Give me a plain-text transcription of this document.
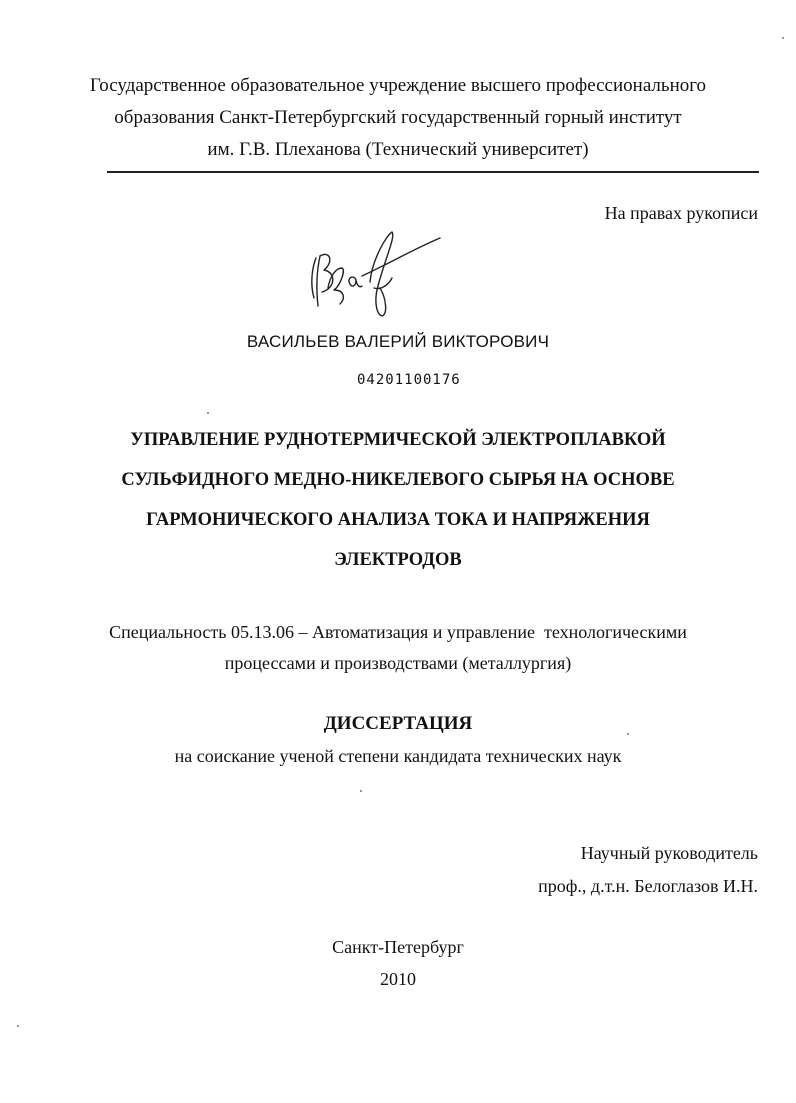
Государственное образовательное учреждение высшего профессионального
образования Санкт-Петербургский государственный горный институт
им. Г.В. Плеханова (Технический университет)
На правах рукописи
ВАСИЛЬЕВ ВАЛЕРИЙ ВИКТОРОВИЧ
04201100176
УПРАВЛЕНИЕ РУДНОТЕРМИЧЕСКОЙ ЭЛЕКТРОПЛАВКОЙ
СУЛЬФИДНОГО МЕДНО-НИКЕЛЕВОГО СЫРЬЯ НА ОСНОВЕ
ГАРМОНИЧЕСКОГО АНАЛИЗА ТОКА И НАПРЯЖЕНИЯ
ЭЛЕКТРОДОВ
Специальность 05.13.06 – Автоматизация и управление  технологическими
процессами и производствами (металлургия)
ДИССЕРТАЦИЯ
на соискание ученой степени кандидата технических наук
Научный руководитель
проф., д.т.н. Белоглазов И.Н.
Санкт-Петербург
2010
